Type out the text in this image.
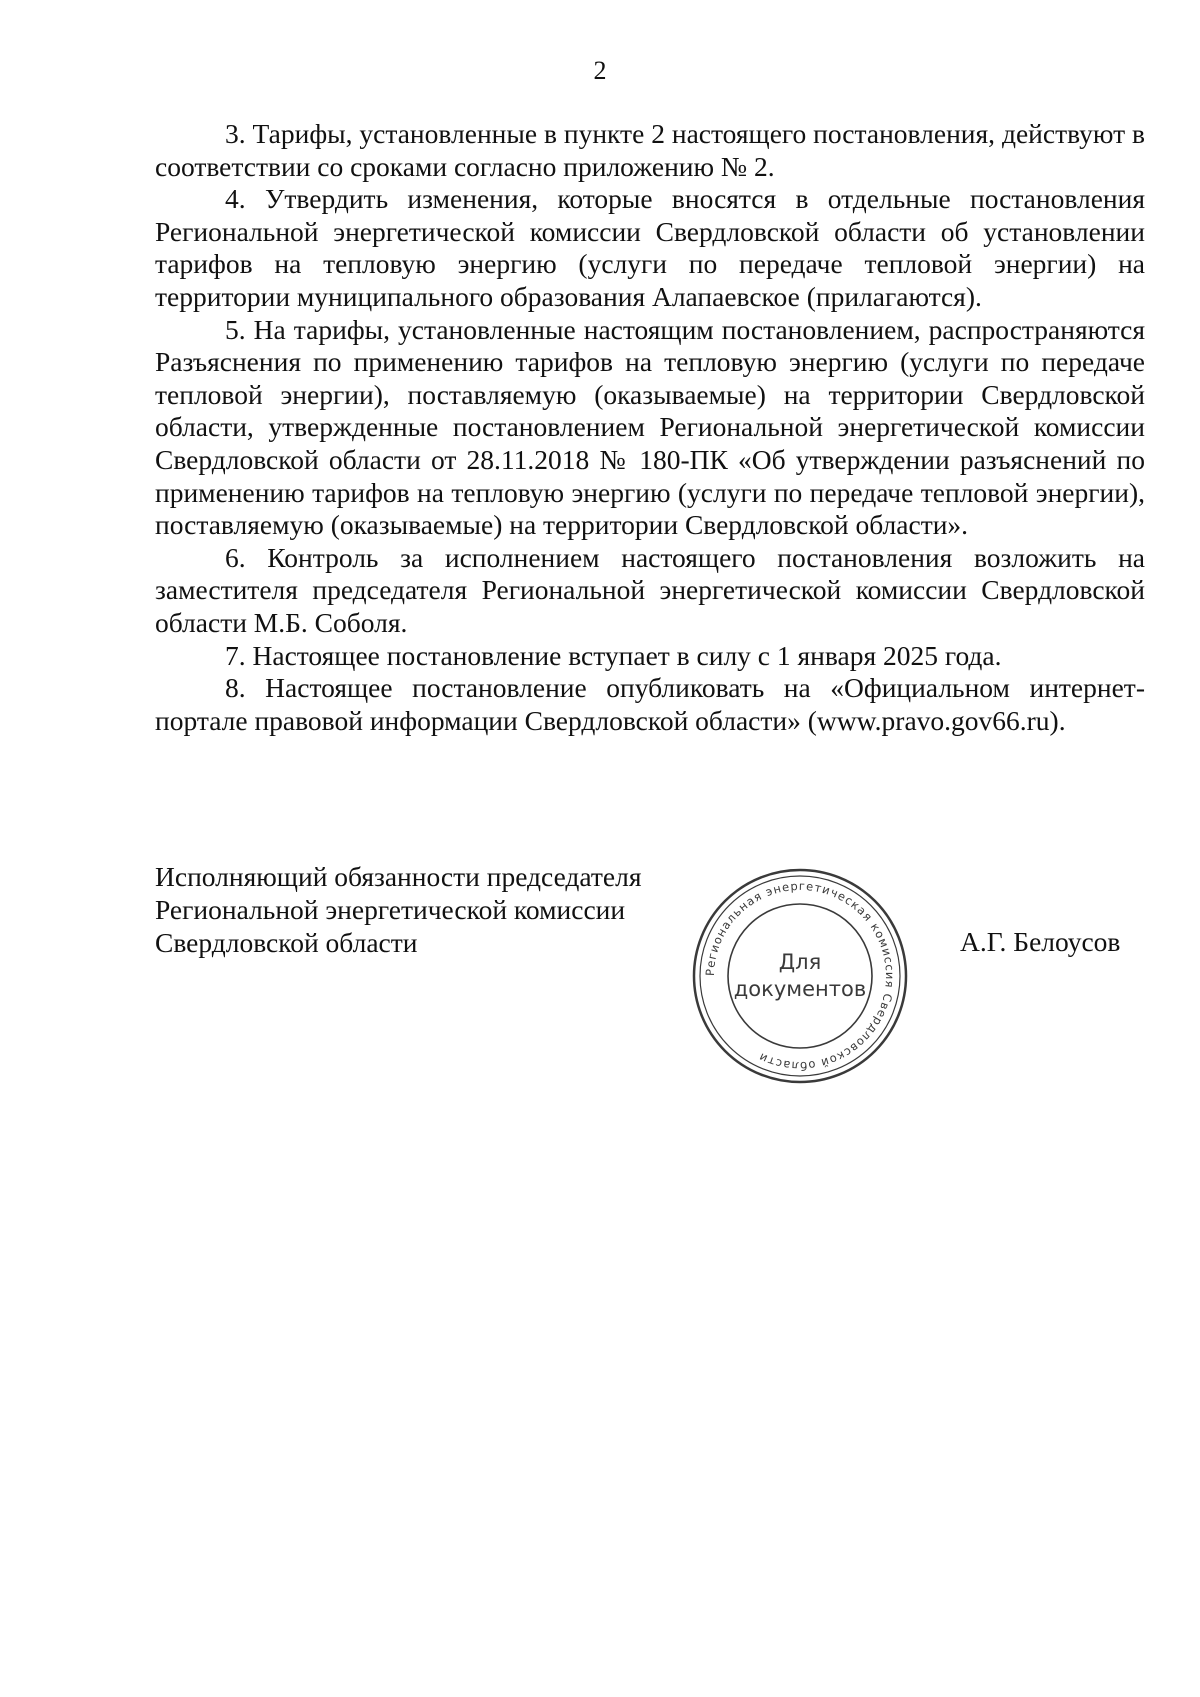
2

3. Тарифы, установленные в пункте 2 настоящего постановления, действуют в соответствии со сроками согласно приложению № 2.

4. Утвердить изменения, которые вносятся в отдельные постановления Региональной энергетической комиссии Свердловской области об установлении тарифов на тепловую энергию (услуги по передаче тепловой энергии) на территории муниципального образования Алапаевское (прилагаются).

5. На тарифы, установленные настоящим постановлением, распространяются Разъяснения по применению тарифов на тепловую энергию (услуги по передаче тепловой энергии), поставляемую (оказываемые) на территории Свердловской области, утвержденные постановлением Региональной энергетической комиссии Свердловской области от 28.11.2018 № 180-ПК «Об утверждении разъяснений по применению тарифов на тепловую энергию (услуги по передаче тепловой энергии), поставляемую (оказываемые) на территории Свердловской области».

6. Контроль за исполнением настоящего постановления возложить на заместителя председателя Региональной энергетической комиссии Свердловской области М.Б. Соболя.

7. Настоящее постановление вступает в силу с 1 января 2025 года.

8. Настоящее постановление опубликовать на «Официальном интернет-портале правовой информации Свердловской области» (www.pravo.gov66.ru).

Исполняющий обязанности председателя
Региональной энергетической комиссии
Свердловской области
Региональная энергетическая комиссия Свердловской области
Для
документов
А.Г. Белоусов
